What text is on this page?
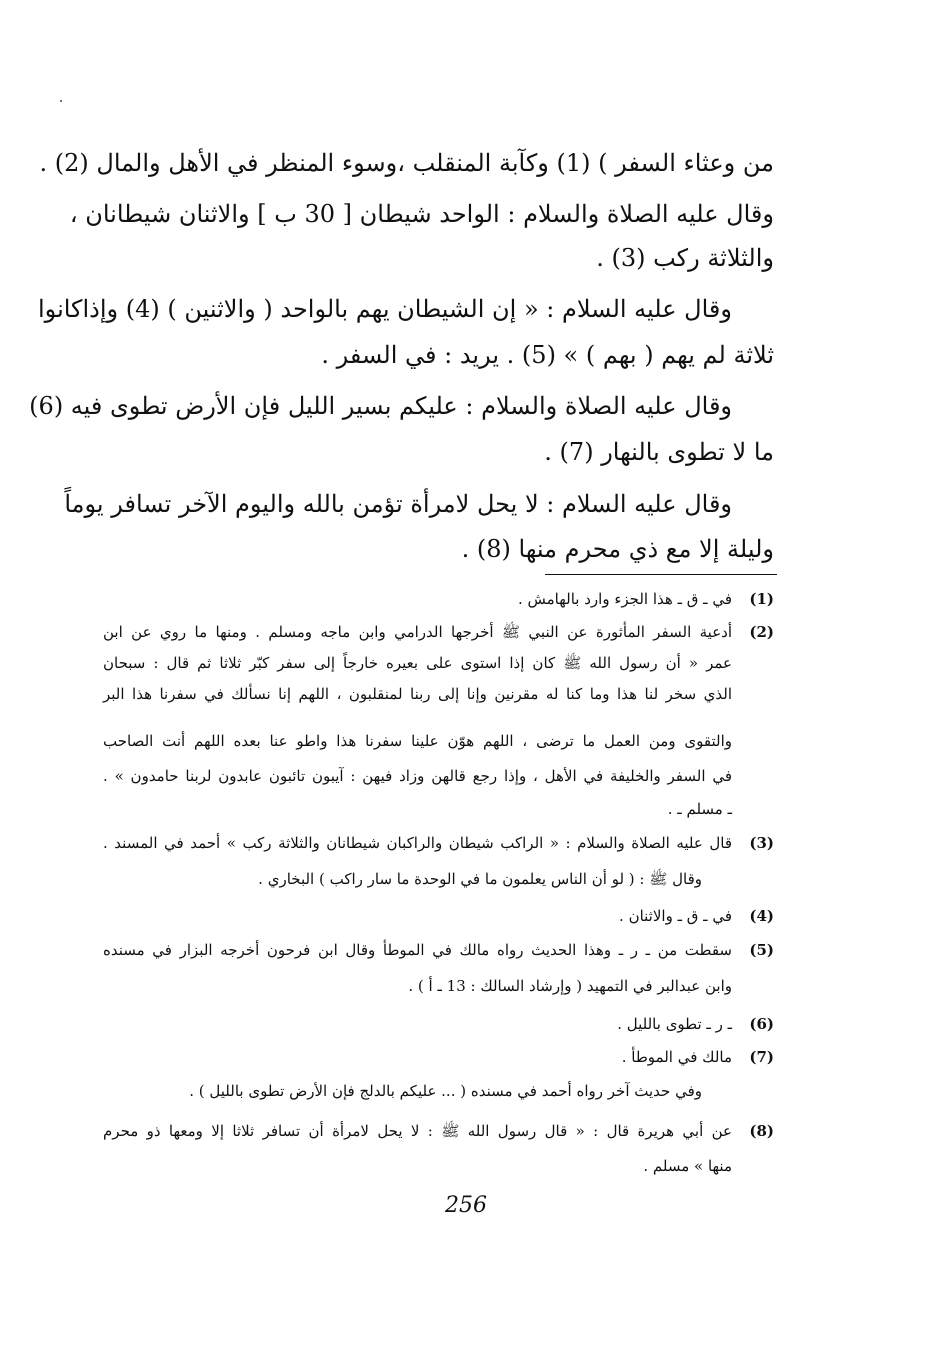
من وعثاء السفر ) (1) وكآبة المنقلب ،وسوء المنظر في الأهل والمال (2) .
وقال عليه الصلاة والسلام : الواحد شيطان [ 30 ب ] والاثنان شيطانان ،
والثلاثة ركب (3) .
وقال عليه السلام : « إن الشيطان يهم بالواحد ( والاثنين ) (4) وإذاكانوا
ثلاثة لم يهم ( بهم ) » (5) . يريد : في السفر .
وقال عليه الصلاة والسلام : عليكم بسير الليل فإن الأرض تطوى فيه (6)
ما لا تطوى بالنهار (7) .
وقال عليه السلام : لا يحل لامرأة تؤمن بالله واليوم الآخر تسافر يوماً
وليلة إلا مع ذي محرم منها (8) .
(1)
في ـ ق ـ هذا الجزء وارد بالهامش .
(2)
أدعية السفر المأثورة عن النبي ﷺ أخرجها الدرامي وابن ماجه ومسلم . ومنها ما روي عن ابن
عمر « أن رسول الله ﷺ كان إذا استوى على بعيره خارجاً إلى سفر كبّر ثلاثا ثم قال : سبحان
الذي سخر لنا هذا وما كنا له مقرنين وإنا إلى ربنا لمنقلبون ، اللهم إنا نسألك في سفرنا هذا البر
والتقوى ومن العمل ما ترضى ، اللهم هوّن علينا سفرنا هذا واطو عنا بعده اللهم أنت الصاحب
في السفر والخليفة في الأهل ، وإذا رجع قالهن وزاد فيهن : آيبون تائبون عابدون لربنا حامدون » .
ـ مسلم ـ .
(3)
قال عليه الصلاة والسلام : « الراكب شيطان والراكبان شيطانان والثلاثة ركب » أحمد في المسند .
وقال ﷺ : ( لو أن الناس يعلمون ما في الوحدة ما سار راكب ) البخاري .
(4)
في ـ ق ـ والاثنان .
(5)
سقطت من ـ ر ـ وهذا الحديث رواه مالك في الموطأ وقال ابن فرحون أخرجه البزار في مسنده
وابن عبدالبر في التمهيد ( وإرشاد السالك : 13 ـ أ ) .
(6)
ـ ر ـ تطوى بالليل .
(7)
مالك في الموطأ .
وفي حديث آخر رواه أحمد في مسنده ( ... عليكم بالدلج فإن الأرض تطوى بالليل ) .
(8)
عن أبي هريرة قال : « قال رسول الله ﷺ : لا يحل لامرأة أن تسافر ثلاثا إلا ومعها ذو محرم
منها » مسلم .
256
